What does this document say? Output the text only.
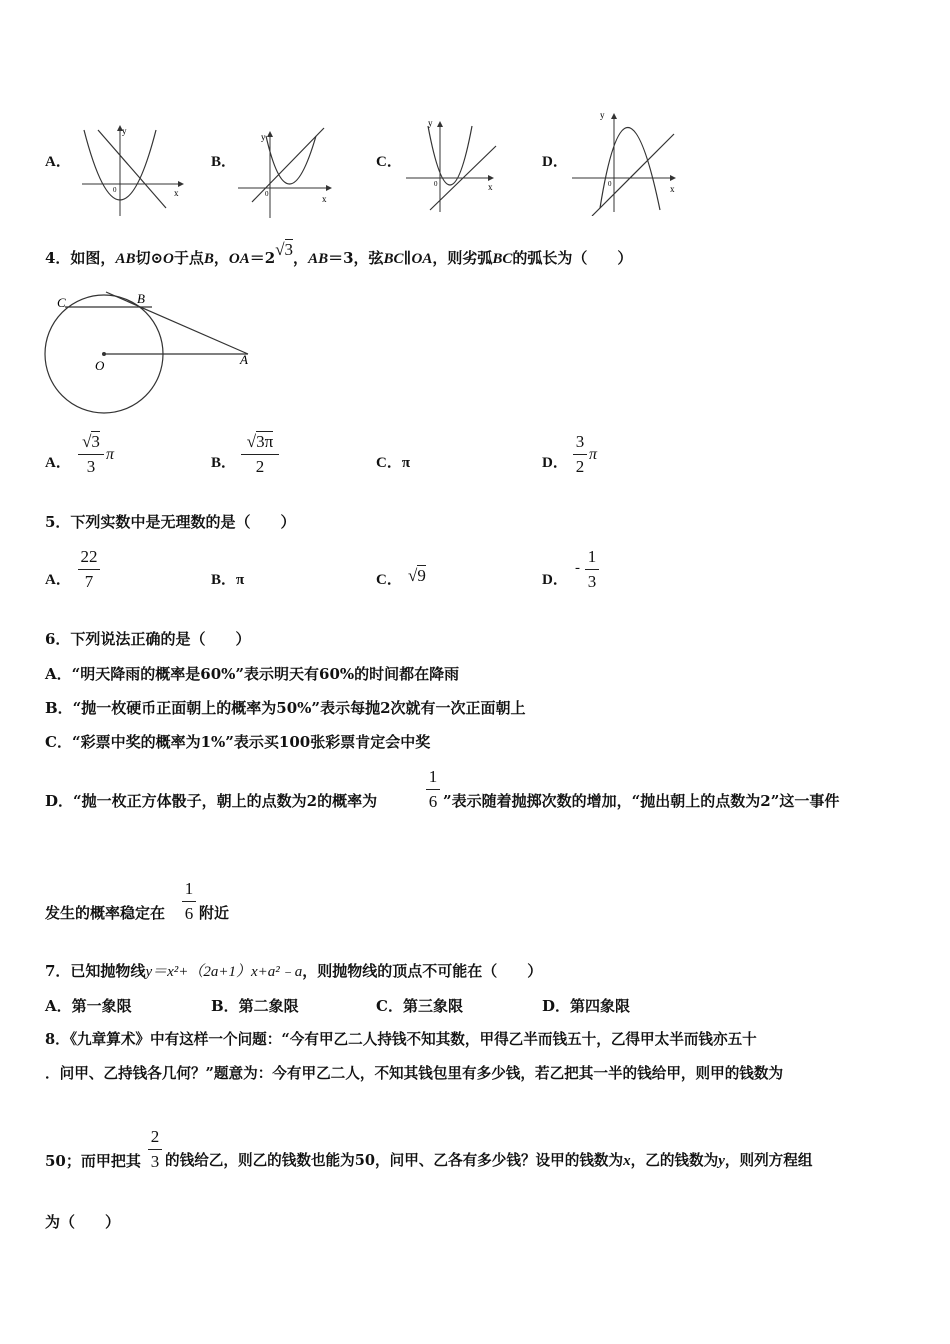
A．
y
x
0
B．
y
x
0
C．
y
x
0
D．
y
x
0
4．如图，AB切⊙O于点B，OA＝2√3，AB＝3，弦BC∥OA，则劣弧BC的弧长为（　　）
C	B
O	A
A．
√3
3
π	B．
√3π
2	C．π	D．
3
2
π
5．下列实数中是无理数的是（　　）
A．
22
7	B．π	C． √9	D．
-
1
3
6．下列说法正确的是（　　）
A．“明天降雨的概率是60%”表示明天有60%的时间都在降雨
B．“抛一枚硬币正面朝上的概率为50%”表示每抛2次就有一次正面朝上
C．“彩票中奖的概率为1%”表示买100张彩票肯定会中奖
D．“抛一枚正方体骰子，朝上的点数为2的概率为
1
6 ”表示随着抛掷次数的增加，“抛出朝上的点数为2”这一事件
发生的概率稳定在
1
6 附近
7．已知抛物线y＝x²+（2a+1）x+a²﹣a，则抛物线的顶点不可能在（　　）
A．第一象限	B．第二象限	C．第三象限	D．第四象限
8．《九章算术》中有这样一个问题：“今有甲乙二人持钱不知其数，甲得乙半而钱五十，乙得甲太半而钱亦五十
．问甲、乙持钱各几何？”题意为：今有甲乙二人，不知其钱包里有多少钱，若乙把其一半的钱给甲，则甲的钱数为
50；而甲把其
2
3 的钱给乙，则乙的钱数也能为50，问甲、乙各有多少钱？设甲的钱数为x，乙的钱数为y，则列方程组
为（　　）
